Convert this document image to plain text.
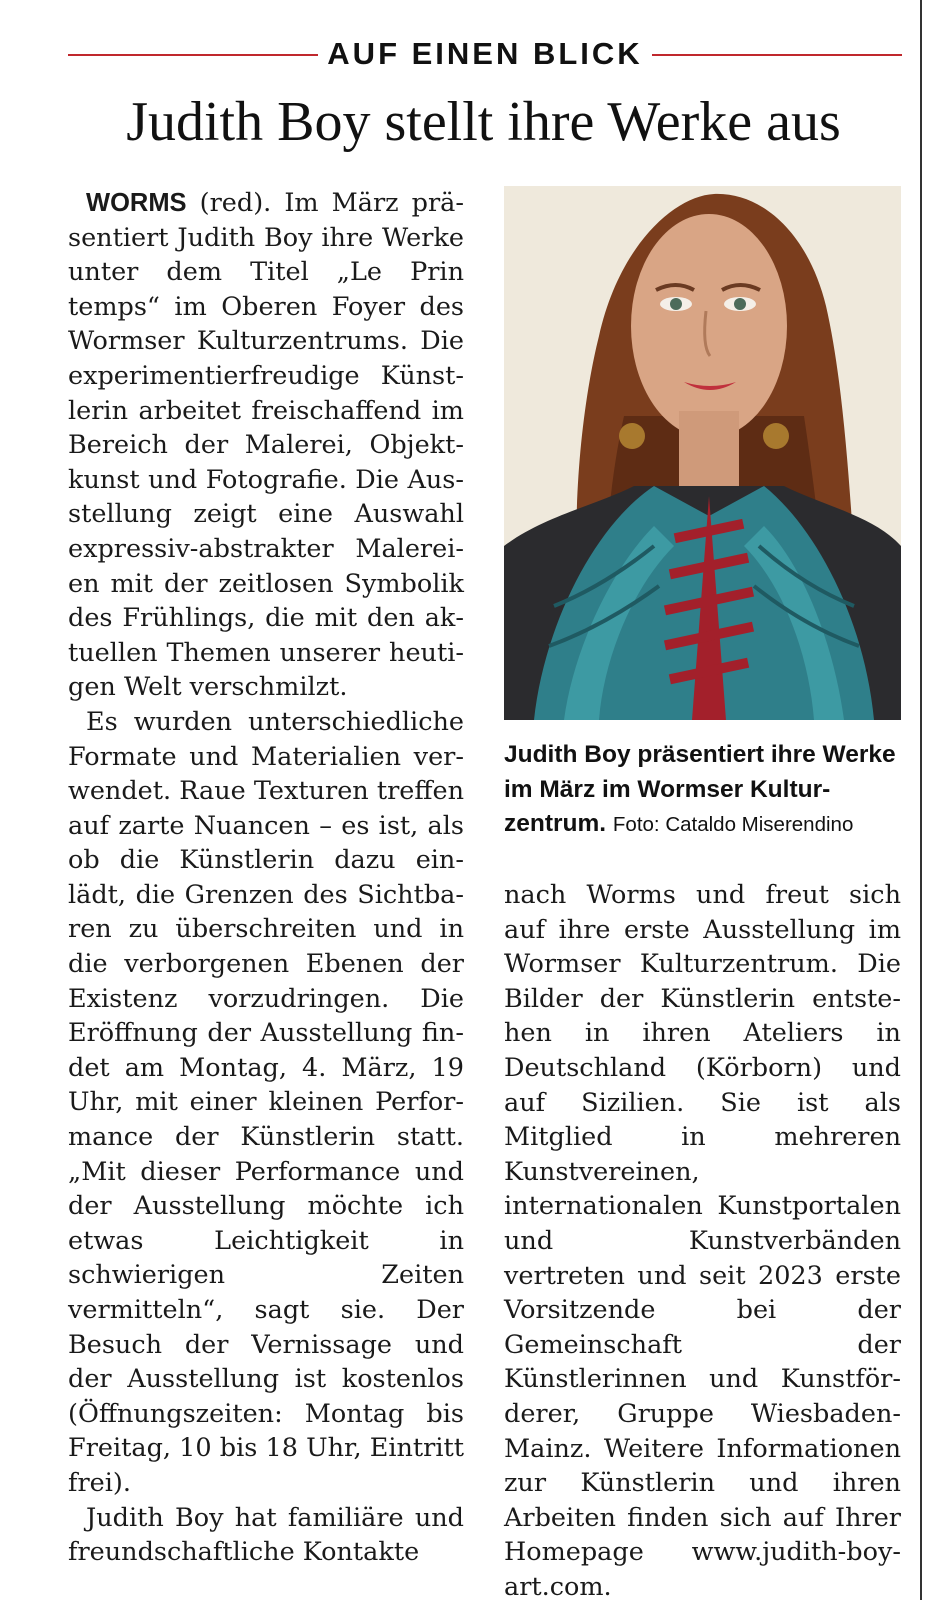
AUF EINEN BLICK
Judith Boy stellt ihre Werke aus

WORMS (red). Im März präsentiert Judith Boy ihre Werke unter dem Titel „Le Prin temps“ im Oberen Foyer des Wormser Kulturzentrums. Die experimentierfreudige Künstlerin arbeitet freischaffend im Bereich der Malerei, Objektkunst und Fotografie. Die Ausstellung zeigt eine Auswahl expressiv-abstrakter Malereien mit der zeitlosen Symbolik des Frühlings, die mit den aktuellen Themen unserer heutigen Welt verschmilzt.

Es wurden unterschiedliche Formate und Materialien verwendet. Raue Texturen treffen auf zarte Nuancen – es ist, als ob die Künstlerin dazu einlädt, die Grenzen des Sichtbaren zu überschreiten und in die verborgenen Ebenen der Existenz vorzudringen. Die Eröffnung der Ausstellung findet am Montag, 4. März, 19 Uhr, mit einer kleinen Performance der Künstlerin statt. „Mit dieser Performance und der Ausstellung möchte ich etwas Leichtigkeit in schwierigen Zeiten vermitteln“, sagt sie. Der Besuch der Vernissage und der Ausstellung ist kostenlos (Öffnungszeiten: Montag bis Freitag, 10 bis 18 Uhr, Eintritt frei).

Judith Boy hat familiäre und freundschaftliche Kontakte

Judith Boy präsentiert ihre Werke im März im Wormser Kulturzentrum. Foto: Cataldo Miserendino

nach Worms und freut sich auf ihre erste Ausstellung im Wormser Kulturzentrum. Die Bilder der Künstlerin entstehen in ihren Ateliers in Deutschland (Körborn) und auf Sizilien. Sie ist als Mitglied in mehreren Kunstvereinen, internationalen Kunstportalen und Kunstverbänden vertreten und seit 2023 erste Vorsitzende bei der Gemeinschaft der Künstlerinnen und Kunstförderer, Gruppe Wiesbaden-Mainz. Weitere Informationen zur Künstlerin und ihren Arbeiten finden sich auf Ihrer Homepage www.judith-boy-art.com.
